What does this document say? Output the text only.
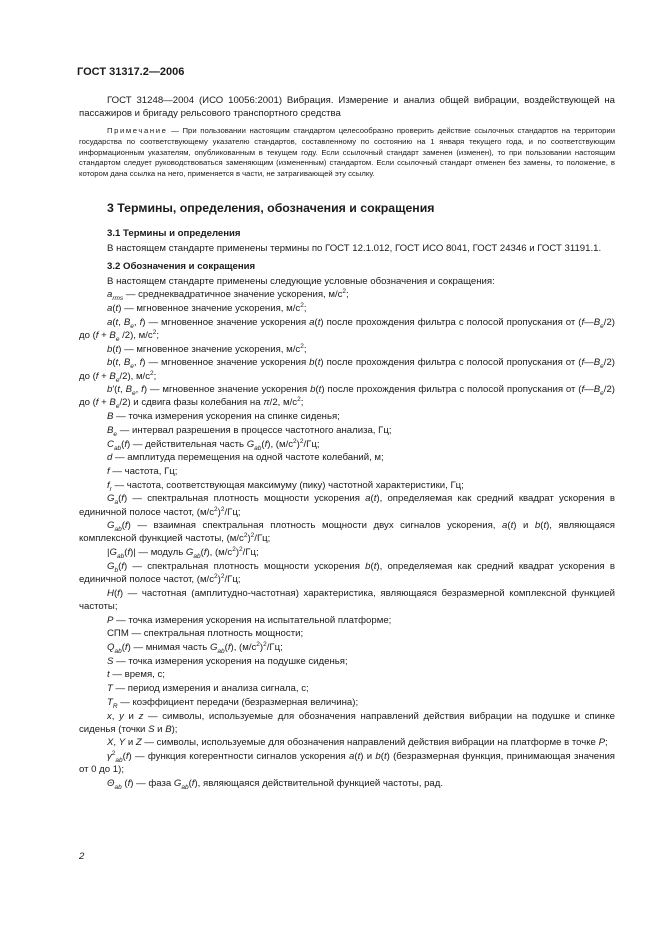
ГОСТ 31317.2—2006

ГОСТ 31248—2004 (ИСО 10056:2001) Вибрация. Измерение и анализ общей вибрации, воздействующей на пассажиров и бригаду рельсового транспортного средства

Примечание — При пользовании настоящим стандартом целесообразно проверить действие ссылочных стандартов на территории государства по соответствующему указателю стандартов, составленному по состоянию на 1 января текущего года, и по соответствующим информационным указателям, опубликованным в текущем году. Если ссылочный стандарт заменен (изменен), то при пользовании настоящим стандартом следует руководствоваться заменяющим (измененным) стандартом. Если ссылочный стандарт отменен без замены, то положение, в котором дана ссылка на него, применяется в части, не затрагивающей эту ссылку.

3 Термины, определения, обозначения и сокращения
3.1 Термины и определения

В настоящем стандарте применены термины по ГОСТ 12.1.012, ГОСТ ИСО 8041, ГОСТ 24346 и ГОСТ 31191.1.

3.2 Обозначения и сокращения

В настоящем стандарте применены следующие условные обозначения и сокращения:

$a_{rms}$ — среднеквадратичное значение ускорения, $м/с^2$;

a(t) — мгновенное значение ускорения, $м/с^2$;

a(t, $B_e$, f) — мгновенное значение ускорения a(t) после прохождения фильтра с полосой пропускания от $(f—B_e/2)$ до ($f + B_e$ /2), $м/с^2$;

b(t) — мгновенное значение ускорения, $м/с^2$;

b(t, $B_e$, f) — мгновенное значение ускорения b(t) после прохождения фильтра с полосой пропускания от $(f—B_e/2)$ до $(f + B_e/2)$, $м/с^2$;

b′(t, $B_e$, f) — мгновенное значение ускорения b(t) после прохождения фильтра с полосой пропускания от $(f—B_e/2)$ до $(f + B_e/2)$ и сдвига фазы колебания на π/2, $м/с^2$;

B — точка измерения ускорения на спинке сиденья;

$B_e$ — интервал разрешения в процессе частотного анализа, Гц;

$C_{ab}(f)$ — действительная часть $G_{ab}(f)$, $(м/с^2)^2/Гц$;

d — амплитуда перемещения на одной частоте колебаний, м;

f — частота, Гц;

$f_r$ — частота, соответствующая максимуму (пику) частотной характеристики, Гц;

$G_a(f)$ — спектральная плотность мощности ускорения a(t), определяемая как средний квадрат ускорения в единичной полосе частот, $(м/с^2)^2/Гц$;

$G_{ab}(f)$ — взаимная спектральная плотность мощности двух сигналов ускорения, a(t) и b(t), являющаяся комплексной функцией частоты, $(м/с^2)^2/Гц$;

$|G_{ab}(f)|$ — модуль $G_{ab}(f)$, $(м/с^2)^2/Гц$;

$G_b(f)$ — спектральная плотность мощности ускорения b(t), определяемая как средний квадрат ускорения в единичной полосе частот, $(м/с^2)^2/Гц$;

H(f) — частотная (амплитудно-частотная) характеристика, являющаяся безразмерной комплексной функцией частоты;

P — точка измерения ускорения на испытательной платформе;

СПМ — спектральная плотность мощности;

$Q_{ab}(f)$ — мнимая часть $G_{ab}(f)$, $(м/с^2)^2/Гц$;

S — точка измерения ускорения на подушке сиденья;

t — время, с;

T — период измерения и анализа сигнала, с;

$T_R$ — коэффициент передачи (безразмерная величина);

x, y и z — символы, используемые для обозначения направлений действия вибрации на подушке и спинке сиденья (точки S и B);

X, Y и Z — символы, используемые для обозначения направлений действия вибрации на платформе в точке P;

$\gamma^2_{ab}(f)$ — функция когерентности сигналов ускорения a(t) и b(t) (безразмерная функция, принимающая значения от 0 до 1);

$\Theta_{ab}$ (f) — фаза $G_{ab}(f)$, являющаяся действительной функцией частоты, рад.

2
